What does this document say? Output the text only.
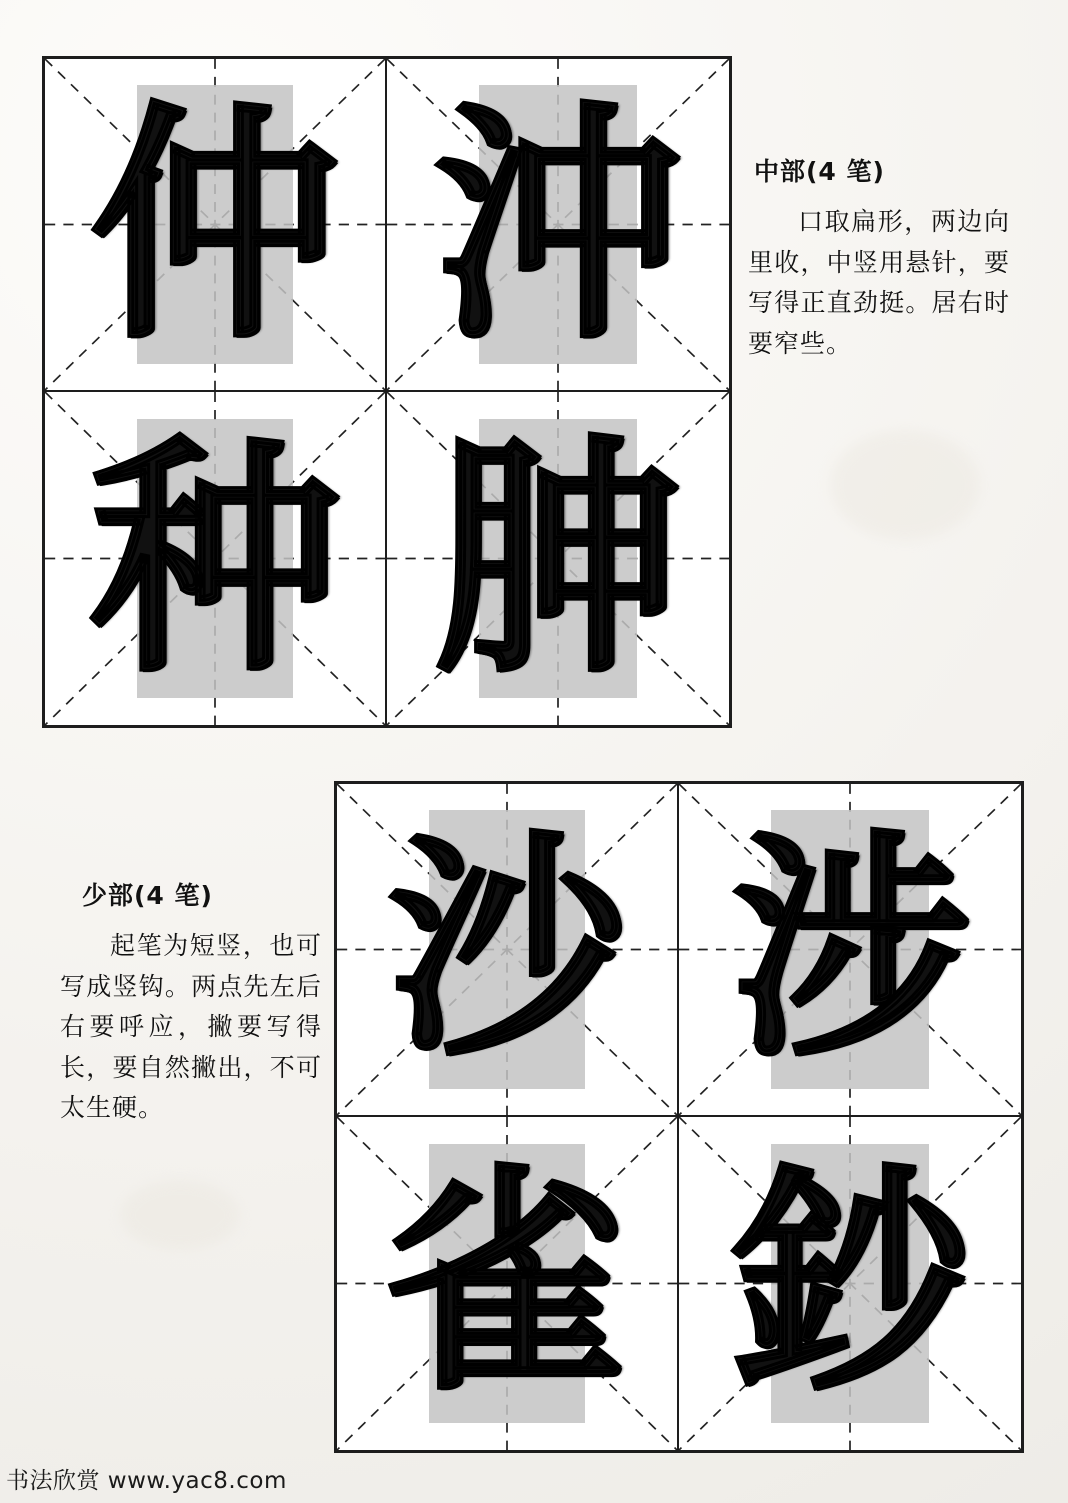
仲 沖
种 胂
中部(4 笔)
口取扁形，两边向里收，中竖用悬针，要写得正直劲挺。居右时要窄些。
少部(4 笔)
起笔为短竖，也可写成竖钩。两点先左后右要呼应，撇要写得长，要自然撇出，不可太生硬。
沙 涉
雀 鈔
书法欣赏 www.yac8.com
